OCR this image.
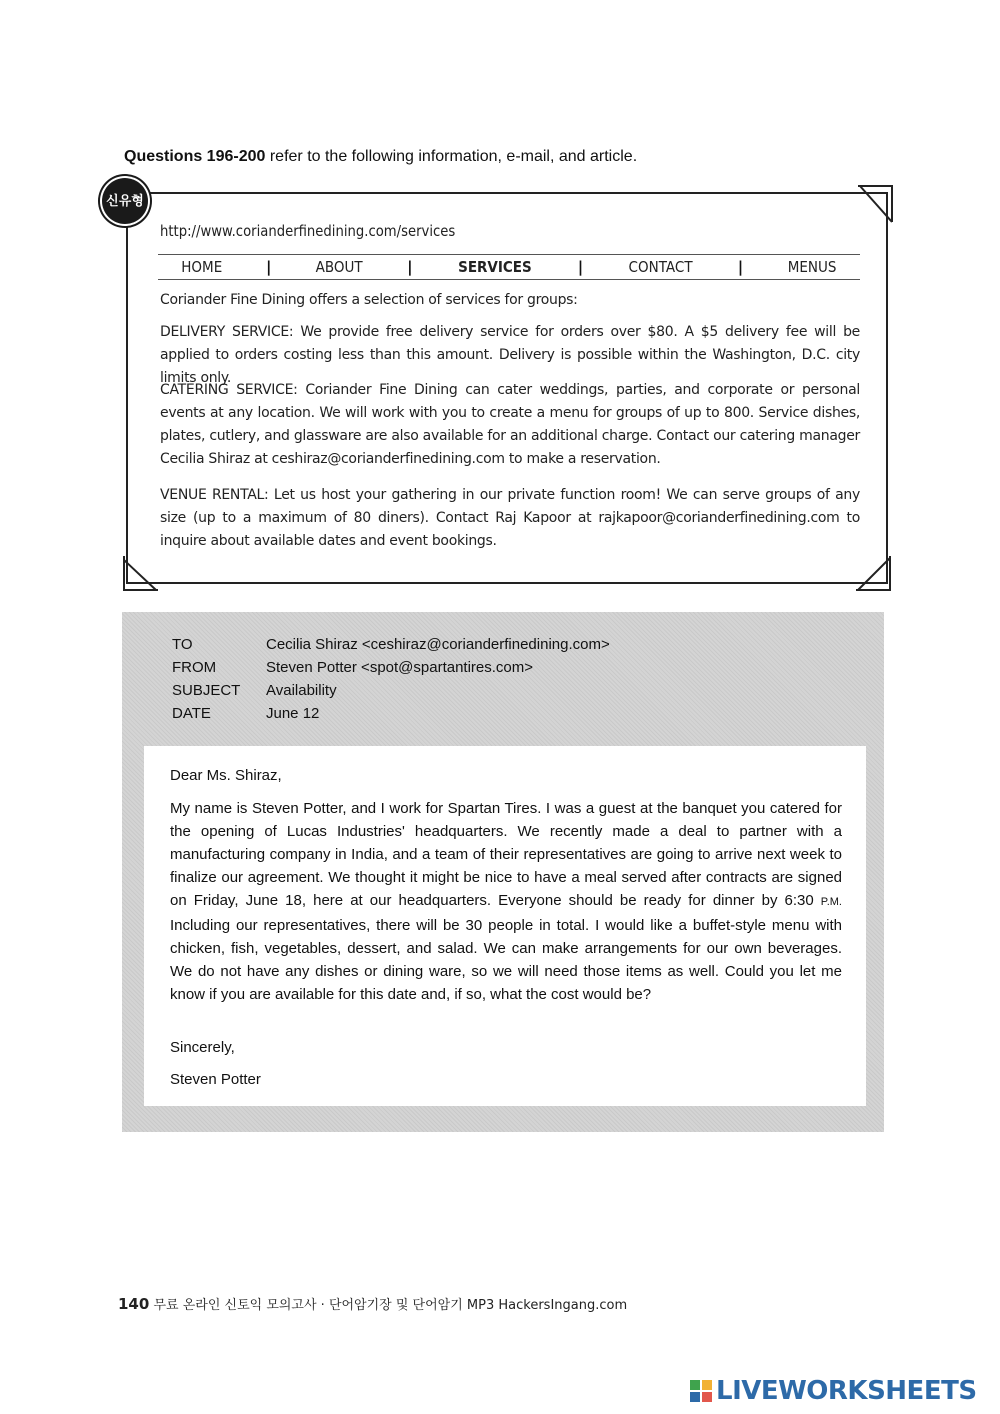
Questions 196-200 refer to the following information, e-mail, and article.
신유형
http://www.corianderfinedining.com/services
HOME	|	ABOUT	|	SERVICES	|	CONTACT	|	MENUS
Coriander Fine Dining offers a selection of services for groups:
DELIVERY SERVICE: We provide free delivery service for orders over $80. A $5 delivery fee will be applied to orders costing less than this amount. Delivery is possible within the Washington, D.C. city limits only.
CATERING SERVICE: Coriander Fine Dining can cater weddings, parties, and corporate or personal events at any location. We will work with you to create a menu for groups of up to 800. Service dishes, plates, cutlery, and glassware are also available for an additional charge. Contact our catering manager Cecilia Shiraz at ceshiraz@corianderfinedining.com to make a reservation.
VENUE RENTAL: Let us host your gathering in our private function room! We can serve groups of any size (up to a maximum of 80 diners). Contact Raj Kapoor at rajkapoor@corianderfinedining.com to inquire about available dates and event bookings.
TO	Cecilia Shiraz <ceshiraz@corianderfinedining.com>
FROM	Steven Potter <spot@spartantires.com>
SUBJECT Availability
DATE	June 12
Dear Ms. Shiraz,
My name is Steven Potter, and I work for Spartan Tires. I was a guest at the banquet you catered for the opening of Lucas Industries' headquarters. We recently made a deal to partner with a manufacturing company in India, and a team of their representatives are going to arrive next week to finalize our agreement. We thought it might be nice to have a meal served after contracts are signed on Friday, June 18, here at our headquarters. Everyone should be ready for dinner by 6:30 P.M. Including our representatives, there will be 30 people in total. I would like a buffet-style menu with chicken, fish, vegetables, dessert, and salad. We can make arrangements for our own beverages. We do not have any dishes or dining ware, so we will need those items as well. Could you let me know if you are available for this date and, if so, what the cost would be?
Sincerely,
Steven Potter
140 무료 온라인 신토익 모의고사 · 단어암기장 및 단어암기 MP3 HackersIngang.com
LIVEWORKSHEETS
